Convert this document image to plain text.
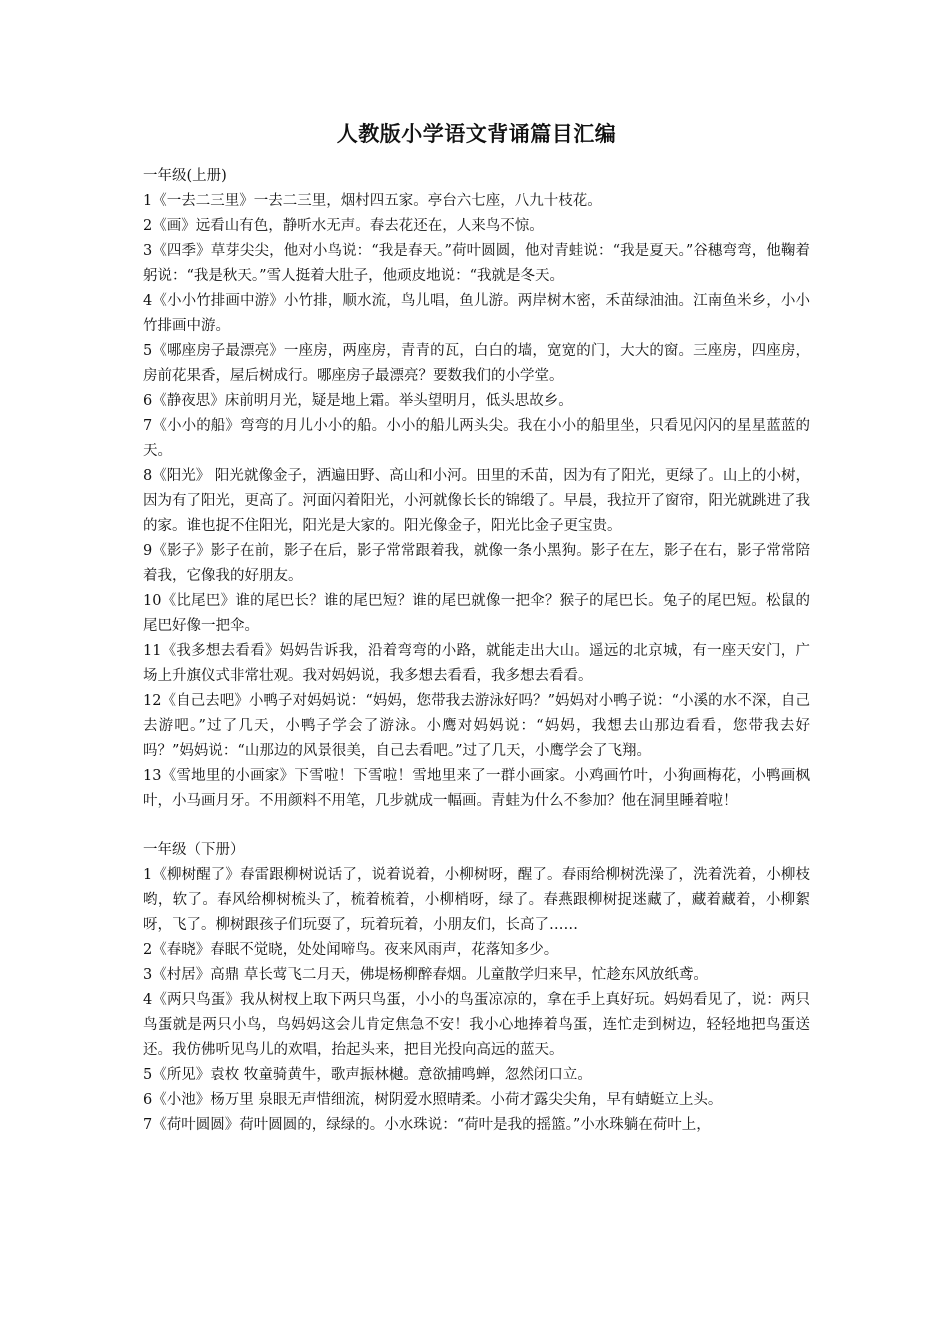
人教版小学语文背诵篇目汇编

一年级(上册)

1《一去二三里》一去二三里，烟村四五家。亭台六七座，八九十枝花。

2《画》远看山有色，静听水无声。春去花还在，人来鸟不惊。

3《四季》草芽尖尖，他对小鸟说：“我是春天。”荷叶圆圆，他对青蛙说：“我是夏天。”谷穗弯弯，他鞠着躬说：“我是秋天。”雪人挺着大肚子，他顽皮地说：“我就是冬天。

4《小小竹排画中游》小竹排，顺水流，鸟儿唱，鱼儿游。两岸树木密，禾苗绿油油。江南鱼米乡，小小竹排画中游。

5《哪座房子最漂亮》一座房，两座房，青青的瓦，白白的墙，宽宽的门，大大的窗。三座房，四座房，房前花果香，屋后树成行。哪座房子最漂亮？要数我们的小学堂。

6《静夜思》床前明月光，疑是地上霜。举头望明月，低头思故乡。

7《小小的船》弯弯的月儿小小的船。小小的船儿两头尖。我在小小的船里坐，只看见闪闪的星星蓝蓝的天。

8《阳光》 阳光就像金子，洒遍田野、高山和小河。田里的禾苗，因为有了阳光，更绿了。山上的小树，因为有了阳光，更高了。河面闪着阳光，小河就像长长的锦缎了。早晨，我拉开了窗帘，阳光就跳进了我的家。谁也捉不住阳光，阳光是大家的。阳光像金子，阳光比金子更宝贵。

9《影子》影子在前，影子在后，影子常常跟着我，就像一条小黑狗。影子在左，影子在右，影子常常陪着我，它像我的好朋友。

10《比尾巴》谁的尾巴长？谁的尾巴短？谁的尾巴就像一把伞？猴子的尾巴长。兔子的尾巴短。松鼠的尾巴好像一把伞。

11《我多想去看看》妈妈告诉我，沿着弯弯的小路，就能走出大山。遥远的北京城，有一座天安门，广场上升旗仪式非常壮观。我对妈妈说，我多想去看看，我多想去看看。

12《自己去吧》小鸭子对妈妈说：“妈妈，您带我去游泳好吗？”妈妈对小鸭子说：“小溪的水不深，自己去游吧。”过了几天，小鸭子学会了游泳。小鹰对妈妈说：“妈妈，我想去山那边看看，您带我去好吗？”妈妈说：“山那边的风景很美，自己去看吧。”过了几天，小鹰学会了飞翔。

13《雪地里的小画家》下雪啦！下雪啦！雪地里来了一群小画家。小鸡画竹叶，小狗画梅花，小鸭画枫叶，小马画月牙。不用颜料不用笔，几步就成一幅画。青蛙为什么不参加？他在洞里睡着啦！

一年级（下册）

1《柳树醒了》春雷跟柳树说话了，说着说着，小柳树呀，醒了。春雨给柳树洗澡了，洗着洗着，小柳枝哟，软了。春风给柳树梳头了，梳着梳着，小柳梢呀，绿了。春燕跟柳树捉迷藏了，藏着藏着，小柳絮呀，飞了。柳树跟孩子们玩耍了，玩着玩着，小朋友们，长高了……

2《春晓》春眠不觉晓，处处闻啼鸟。夜来风雨声，花落知多少。

3《村居》高鼎 草长莺飞二月天，佛堤杨柳醉春烟。儿童散学归来早，忙趁东风放纸鸢。

4《两只鸟蛋》我从树杈上取下两只鸟蛋，小小的鸟蛋凉凉的，拿在手上真好玩。妈妈看见了，说：两只鸟蛋就是两只小鸟，鸟妈妈这会儿肯定焦急不安！我小心地捧着鸟蛋，连忙走到树边，轻轻地把鸟蛋送还。我仿佛听见鸟儿的欢唱，抬起头来，把目光投向高远的蓝天。

5《所见》袁枚 牧童骑黄牛，歌声振林樾。意欲捕鸣蝉，忽然闭口立。

6《小池》杨万里 泉眼无声惜细流，树阴爱水照晴柔。小荷才露尖尖角，早有蜻蜓立上头。

7《荷叶圆圆》荷叶圆圆的，绿绿的。小水珠说：“荷叶是我的摇篮。”小水珠躺在荷叶上，
